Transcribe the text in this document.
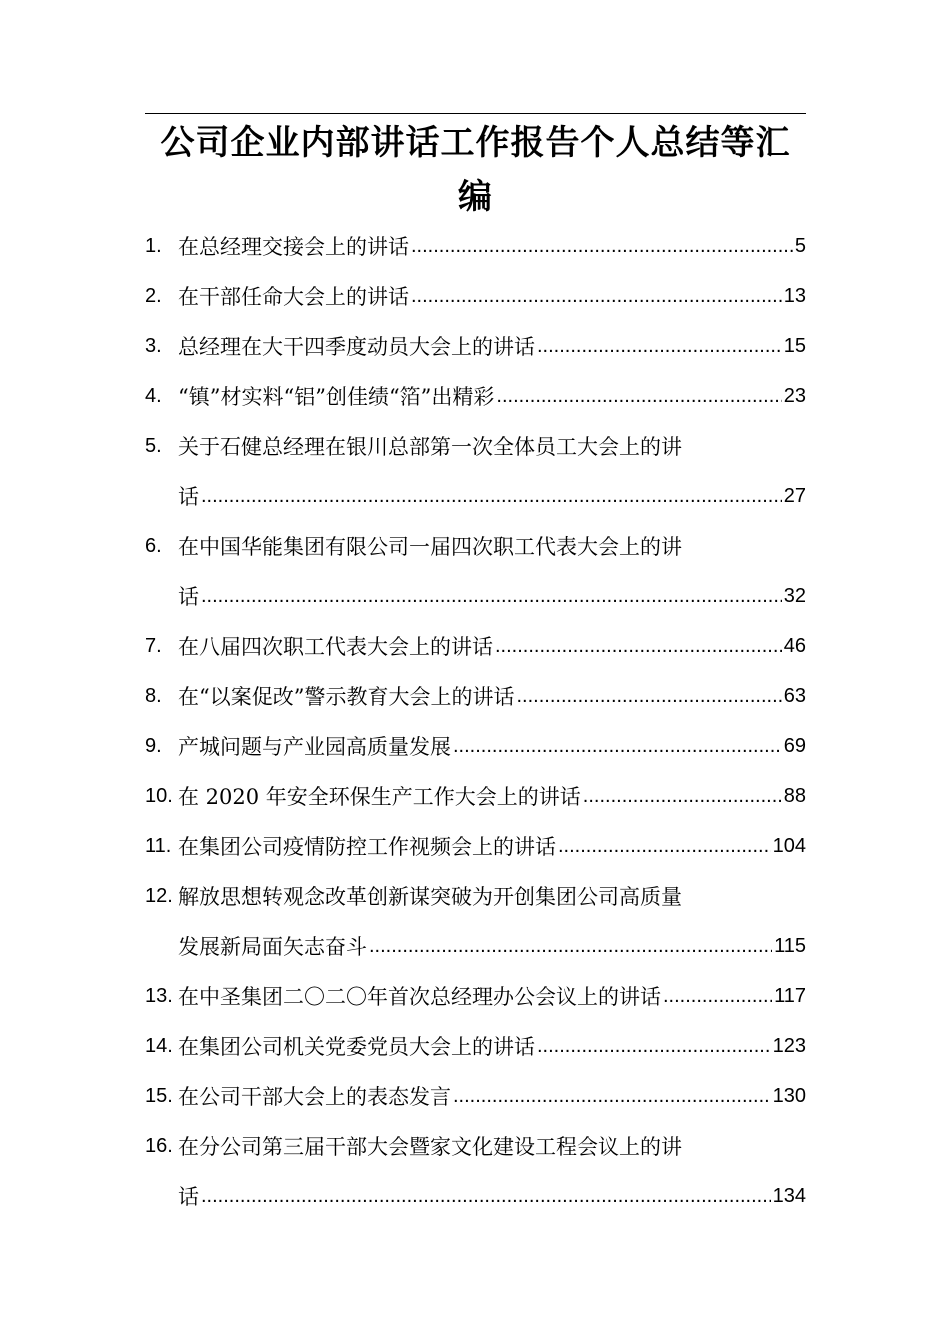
公司企业内部讲话工作报告个人总结等汇编
1. 在总经理交接会上的讲话 .....	5
2. 在干部任命大会上的讲话 .....	13
3. 总经理在大干四季度动员大会上的讲话 .....	15
4. “镇”材实料“铝”创佳绩“箔”出精彩 .....	23
5. 关于石健总经理在银川总部第一次全体员工大会上的讲
话 .....	27
6. 在中国华能集团有限公司一届四次职工代表大会上的讲
话 .....	32
7. 在八届四次职工代表大会上的讲话 .....	46
8. 在“以案促改”警示教育大会上的讲话 .....	63
9. 产城问题与产业园高质量发展 .....	69
10. 在 2020 年安全环保生产工作大会上的讲话 .....	88
11. 在集团公司疫情防控工作视频会上的讲话 .....	104
12. 解放思想转观念改革创新谋突破为开创集团公司高质量
发展新局面矢志奋斗 .....	115
13. 在中圣集团二〇二〇年首次总经理办公会议上的讲话 .....	117
14. 在集团公司机关党委党员大会上的讲话 .....	123
15. 在公司干部大会上的表态发言 .....	130
16. 在分公司第三届干部大会暨家文化建设工程会议上的讲
话 .....	134
